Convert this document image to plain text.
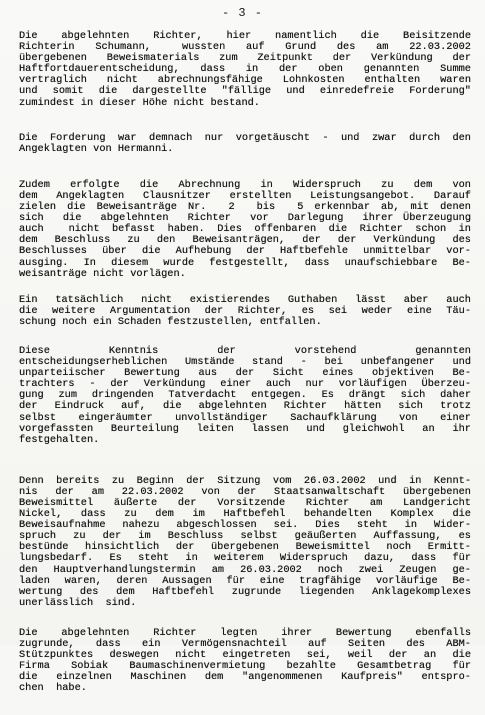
- 3 -
Die  abgelehnten  Richter,  hier  namentlich  die  Beisitzende
Richterin  Schumann,   wussten  auf  Grund  des  am  22.03.2002
übergebenen  Beweismaterials  zum  Zeitpunkt  der  Verkündung  der
Haftfortdauerentscheidung,  dass  in  der  oben  genannten  Summe
vertraglich nicht abrechnungsfähige Lohnkosten enthalten waren
und somit die dargestellte "fällige und einredefreie Forderung"
zumindest in dieser Höhe nicht bestand.
Die Forderung war demnach nur vorgetäuscht - und zwar durch den
Angeklagten von Hermanni.
Zudem  erfolgte  die  Abrechnung  in  Widerspruch  zu  dem  von
dem Angeklagten Clausnitzer erstellten Leistungsangebot. Darauf
zielen die Beweisanträge Nr.  2  bis  5 erkennbar ab, mit denen
sich  die  abgelehnten  Richter  vor  Darlegung  ihrer Überzeugung
auch  nicht befasst haben. Dies offenbaren die Richter schon in
dem  Beschluss  zu  den  Beweisanträgen,  der  der  Verkündung  des
Beschlusses über die Aufhebung der Haftbefehle unmittelbar vor-
ausging. In diesem wurde festgestellt, dass unaufschiebbare Be-
weisanträge nicht vorlägen.
Ein  tatsächlich  nicht  existierendes  Guthaben  lässt  aber  auch
die  weitere  Argumentation  der  Richter,  es  sei  weder  eine  Täu-
schung noch ein Schaden festzustellen, entfallen.
Diese      Kenntnis      der      vorstehend      genannten
entscheidungserheblichen  Umstände  stand  -  bei  unbefangener  und
unparteiischer  Bewertung  aus  der  Sicht  eines  objektiven  Be-
trachters  -  der  Verkündung  einer  auch  nur  vorläufigen  Überzeu-
gung  zum  dringenden  Tatverdacht  entgegen.  Es  drängt  sich  daher
der  Eindruck  auf,  die  abgelehnten  Richter  hätten  sich  trotz
selbst  eingeräumter  unvollständiger  Sachaufklärung  von  einer
vorgefassten  Beurteilung  leiten  lassen  und  gleichwohl  an  ihr
festgehalten.
Denn  bereits  zu  Beginn  der  Sitzung  vom  26.03.2002  und  in  Kennt-
nis  der  am  22.03.2002  von  der  Staatsanwaltschaft  übergebenen
Beweismittel  äußerte  der  Vorsitzende  Richter  am  Landgericht
Nickel,  dass  zu  dem  im  Haftbefehl  behandelten  Komplex  die
Beweisaufnahme  nahezu  abgeschlossen  sei.  Dies  steht  in  Wider-
spruch  zu  der  im  Beschluss  selbst  geäußerten  Auffassung,  es
bestünde  hinsichtlich  der  übergebenen  Beweismittel  noch  Ermitt-
lungsbedarf.  Es  steht  in  weiterem  Widerspruch  dazu,  dass  für
den  Hauptverhandlungstermin  am  26.03.2002  noch  zwei  Zeugen  ge-
laden  waren,  deren  Aussagen  für  eine  tragfähige  vorläufige  Be-
wertung  des  dem  Haftbefehl  zugrunde  liegenden  Anklagekomplexes
unerlässlich  sind.
Die  abgelehnten  Richter  legten  ihrer  Bewertung  ebenfalls
zugrunde,  dass  ein  Vermögensnachteil  auf  Seiten  des  ABM-
Stützpunktes  deswegen  nicht  eingetreten  sei,  weil  der  an  die
Firma  Sobiak  Baumaschinenvermietung  bezahlte  Gesamtbetrag  für
die  einzelnen  Maschinen  dem  "angenommenen  Kaufpreis"  entspro-
chen  habe.
